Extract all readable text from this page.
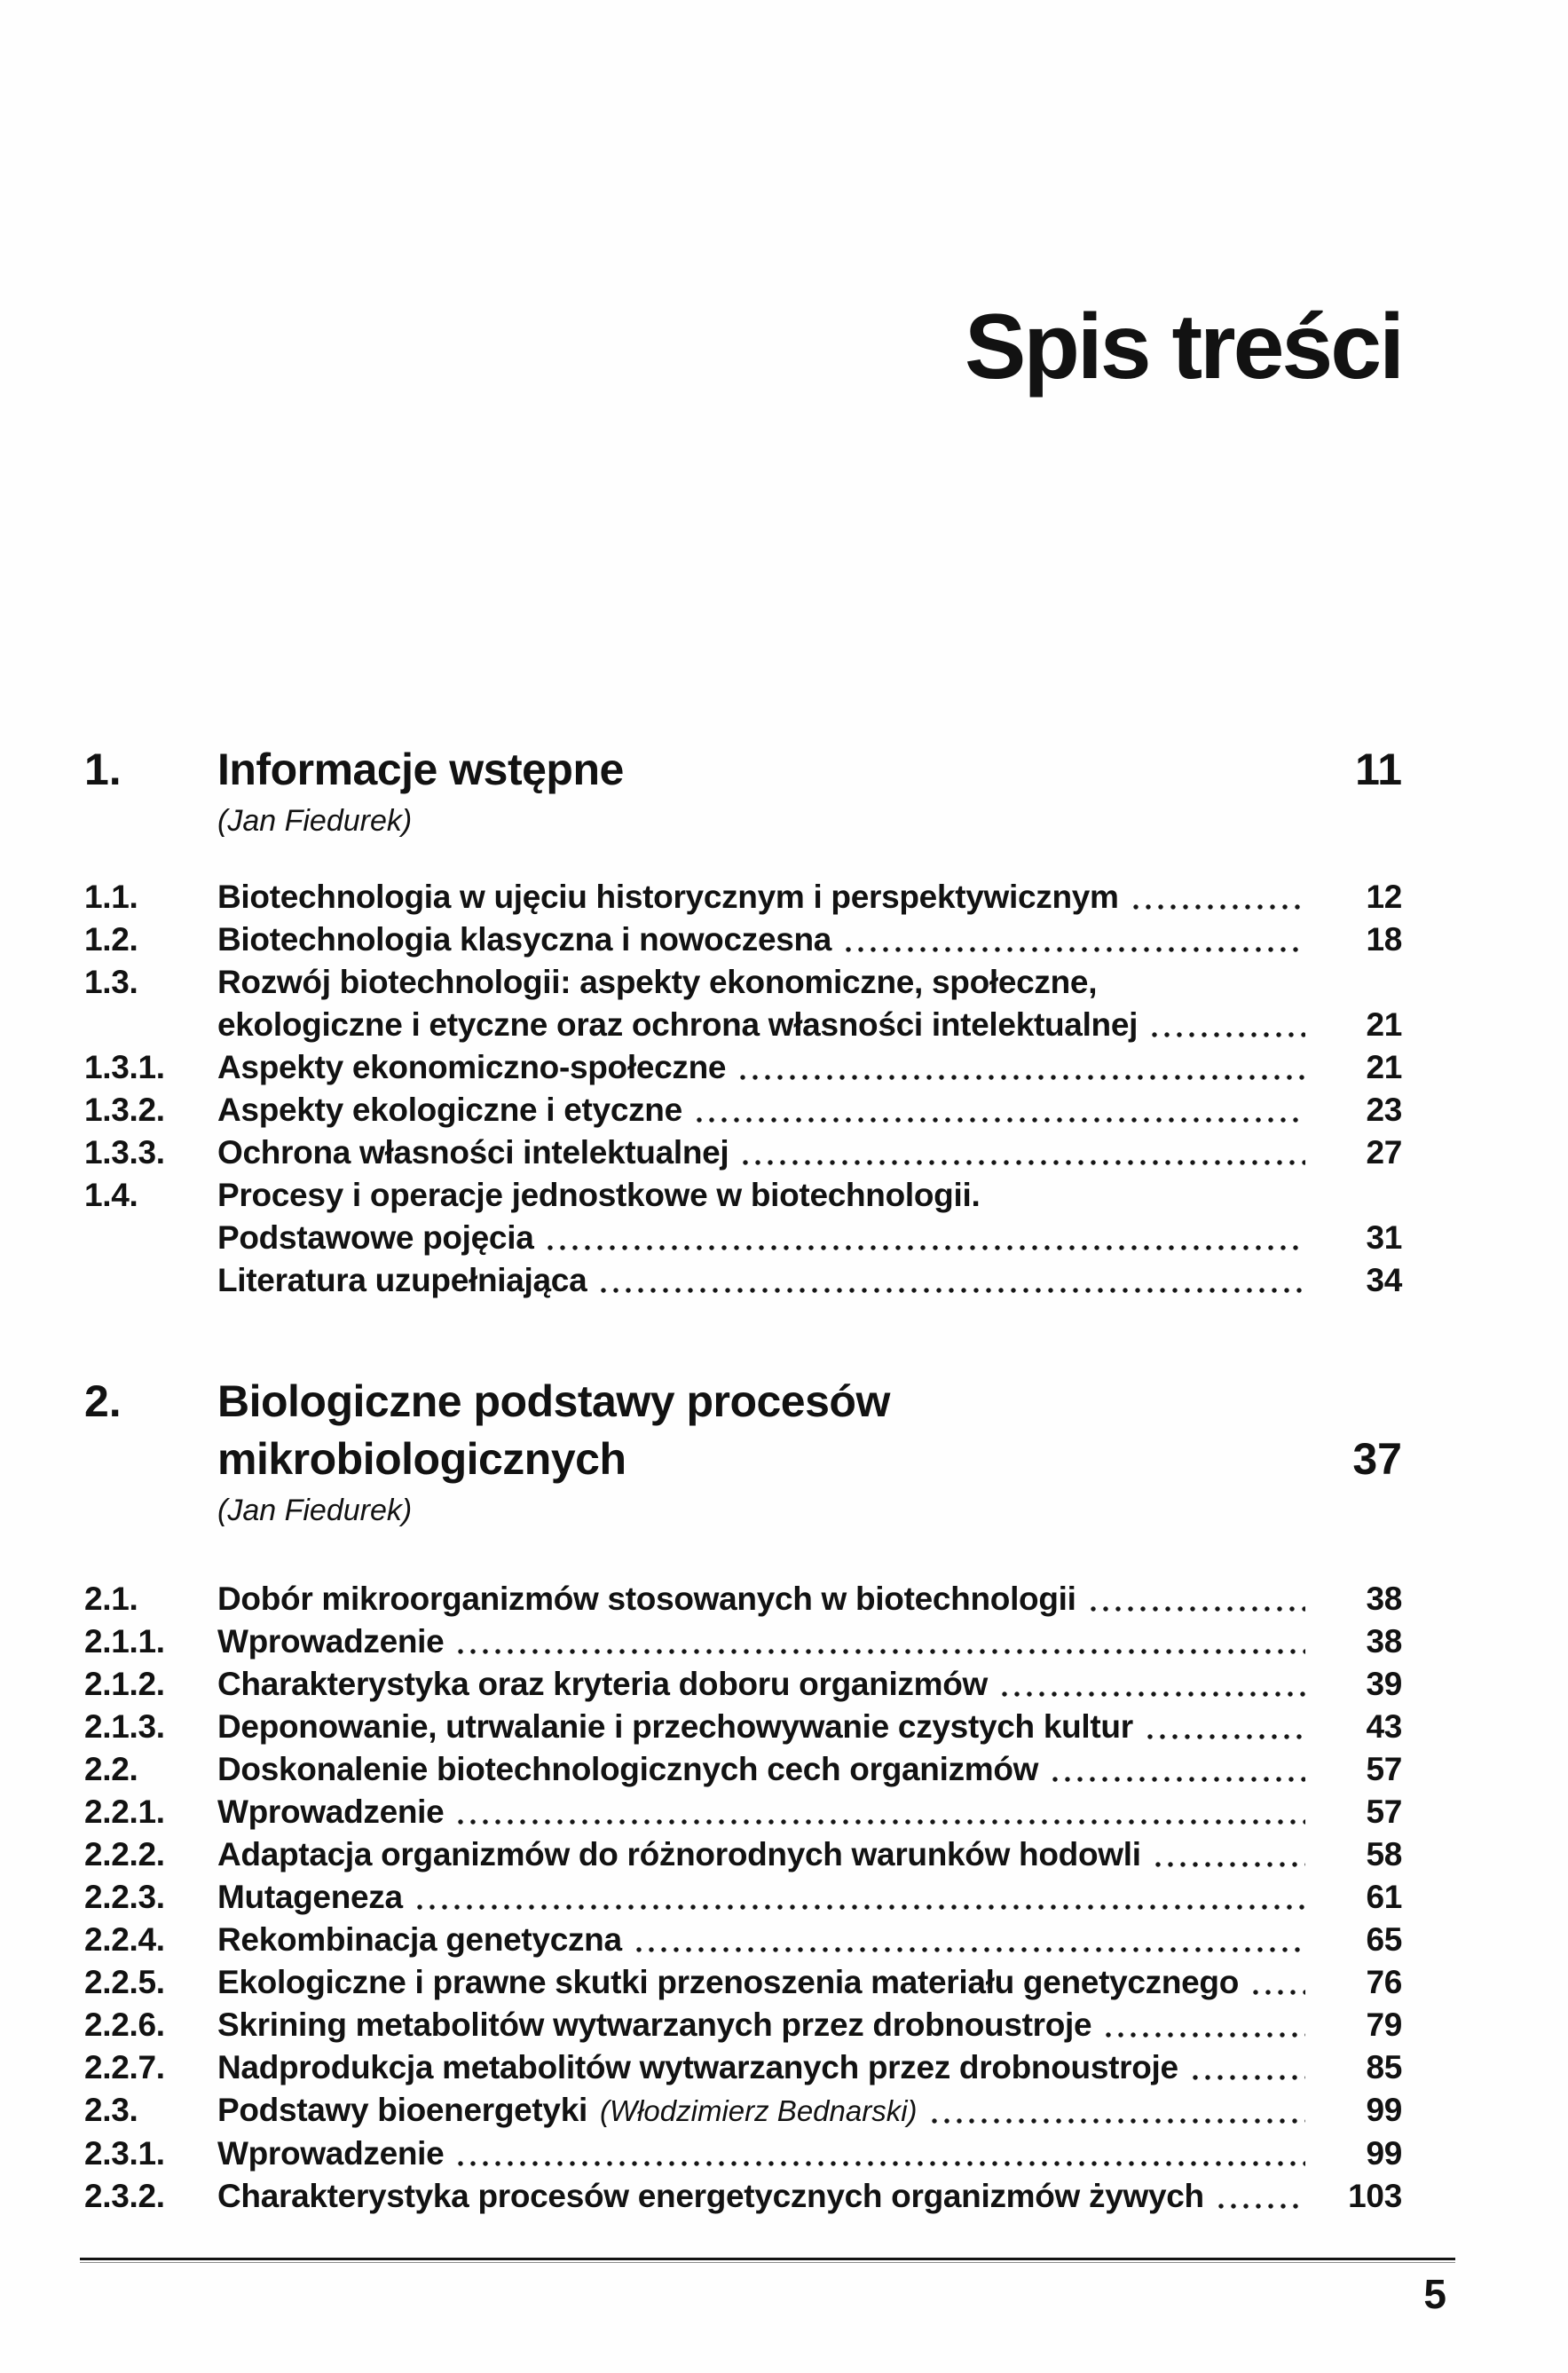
Spis treści
1.	Informacje wstępne	11
(Jan Fiedurek)
1.1.	Biotechnologia w ujęciu historycznym i perspektywicznym	12
1.2.	Biotechnologia klasyczna i nowoczesna	18
1.3.	Rozwój biotechnologii: aspekty ekonomiczne, społeczne,
ekologiczne i etyczne oraz ochrona własności intelektualnej	21
1.3.1.	Aspekty ekonomiczno-społeczne	21
1.3.2.	Aspekty ekologiczne i etyczne	23
1.3.3.	Ochrona własności intelektualnej	27
1.4.	Procesy i operacje jednostkowe w biotechnologii.
Podstawowe pojęcia	31
Literatura uzupełniająca	34
2.	Biologiczne podstawy procesów
mikrobiologicznych	37
(Jan Fiedurek)
2.1.	Dobór mikroorganizmów stosowanych w biotechnologii	38
2.1.1.	Wprowadzenie	38
2.1.2.	Charakterystyka oraz kryteria doboru organizmów	39
2.1.3.	Deponowanie, utrwalanie i przechowywanie czystych kultur	43
2.2.	Doskonalenie biotechnologicznych cech organizmów	57
2.2.1.	Wprowadzenie	57
2.2.2.	Adaptacja organizmów do różnorodnych warunków hodowli	58
2.2.3.	Mutageneza	61
2.2.4.	Rekombinacja genetyczna	65
2.2.5.	Ekologiczne i prawne skutki przenoszenia materiału genetycznego	76
2.2.6.	Skrining metabolitów wytwarzanych przez drobnoustroje	79
2.2.7.	Nadprodukcja metabolitów wytwarzanych przez drobnoustroje	85
2.3.	Podstawy bioenergetyki (Włodzimierz Bednarski)	99
2.3.1.	Wprowadzenie	99
2.3.2.	Charakterystyka procesów energetycznych organizmów żywych	103
5
